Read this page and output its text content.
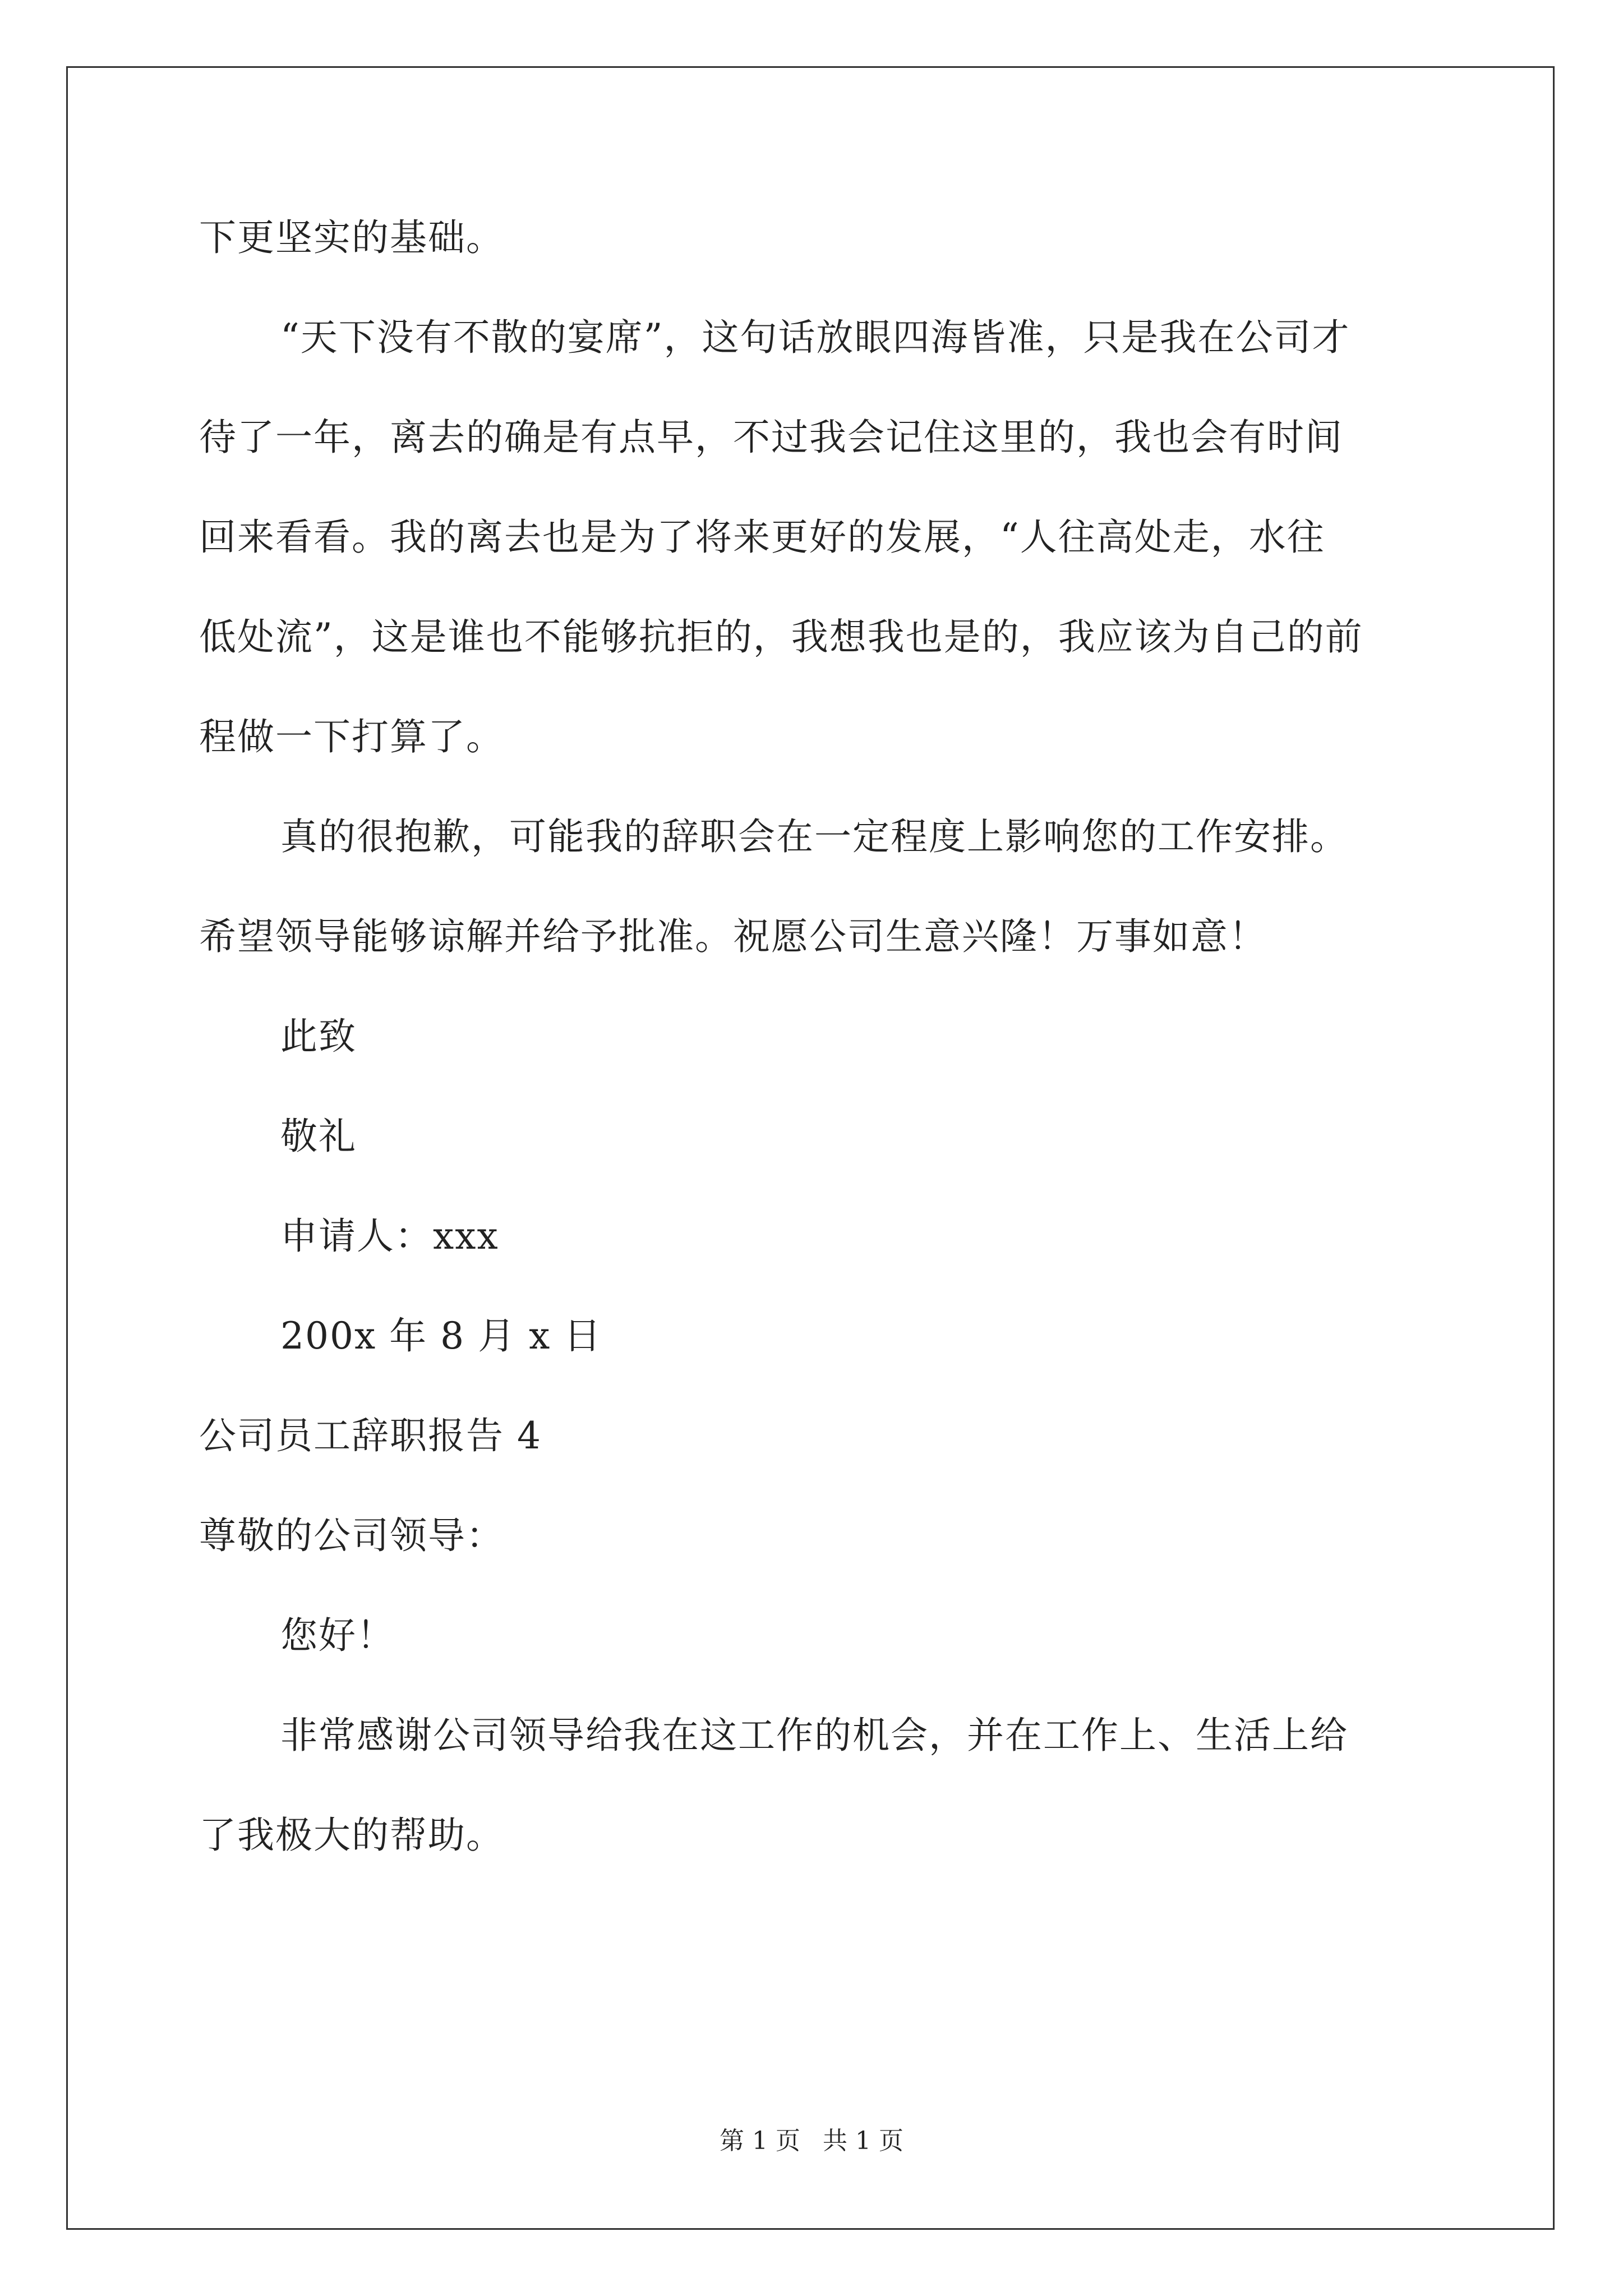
下更坚实的基础。
“天下没有不散的宴席”，这句话放眼四海皆准，只是我在公司才
待了一年，离去的确是有点早，不过我会记住这里的，我也会有时间
回来看看。我的离去也是为了将来更好的发展，“人往高处走，水往
低处流”，这是谁也不能够抗拒的，我想我也是的，我应该为自己的前
程做一下打算了。
真的很抱歉，可能我的辞职会在一定程度上影响您的工作安排。
希望领导能够谅解并给予批准。祝愿公司生意兴隆！万事如意！
此致
敬礼
申请人：xxx
200x 年 8 月 x 日
公司员工辞职报告 4
尊敬的公司领导：
您好！
非常感谢公司领导给我在这工作的机会，并在工作上、生活上给
了我极大的帮助。
第 1 页 共 1 页
